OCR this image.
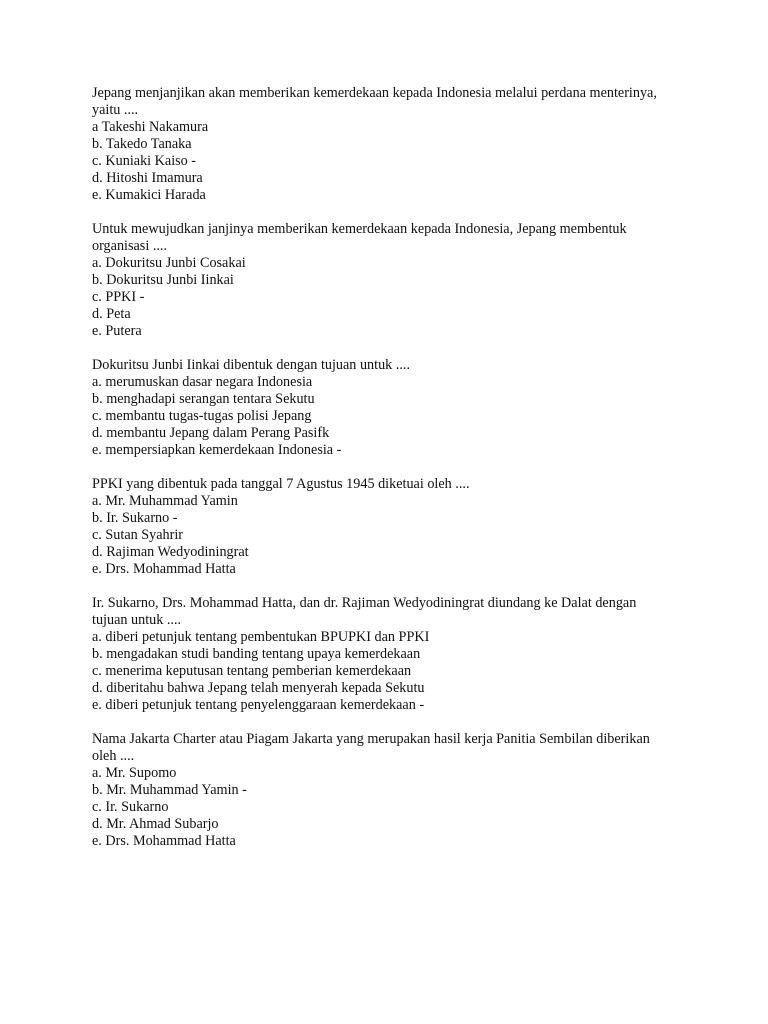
Jepang menjanjikan akan memberikan kemerdekaan kepada Indonesia melalui perdana menterinya, yaitu ....

a Takeshi Nakamura

b. Takedo Tanaka

c. Kuniaki Kaiso -

d. Hitoshi Imamura

e. Kumakici Harada

Untuk mewujudkan janjinya memberikan kemerdekaan kepada Indonesia, Jepang membentuk organisasi ....

a. Dokuritsu Junbi Cosakai

b. Dokuritsu Junbi Iinkai

c. PPKI -

d. Peta

e. Putera

Dokuritsu Junbi Iinkai dibentuk dengan tujuan untuk ....

a. merumuskan dasar negara Indonesia

b. menghadapi serangan tentara Sekutu

c. membantu tugas-tugas polisi Jepang

d. membantu Jepang dalam Perang Pasifk

e. mempersiapkan kemerdekaan Indonesia -

PPKI yang dibentuk pada tanggal 7 Agustus 1945 diketuai oleh ....

a. Mr. Muhammad Yamin

b. Ir. Sukarno -

c. Sutan Syahrir

d. Rajiman Wedyodiningrat

e. Drs. Mohammad Hatta

Ir. Sukarno, Drs. Mohammad Hatta, dan dr. Rajiman Wedyodiningrat diundang ke Dalat dengan tujuan untuk ....

a. diberi petunjuk tentang pembentukan BPUPKI dan PPKI

b. mengadakan studi banding tentang upaya kemerdekaan

c. menerima keputusan tentang pemberian kemerdekaan

d. diberitahu bahwa Jepang telah menyerah kepada Sekutu

e. diberi petunjuk tentang penyelenggaraan kemerdekaan -

Nama Jakarta Charter atau Piagam Jakarta yang merupakan hasil kerja Panitia Sembilan diberikan oleh ....

a. Mr. Supomo

b. Mr. Muhammad Yamin -

c. Ir. Sukarno

d. Mr. Ahmad Subarjo

e. Drs. Mohammad Hatta
